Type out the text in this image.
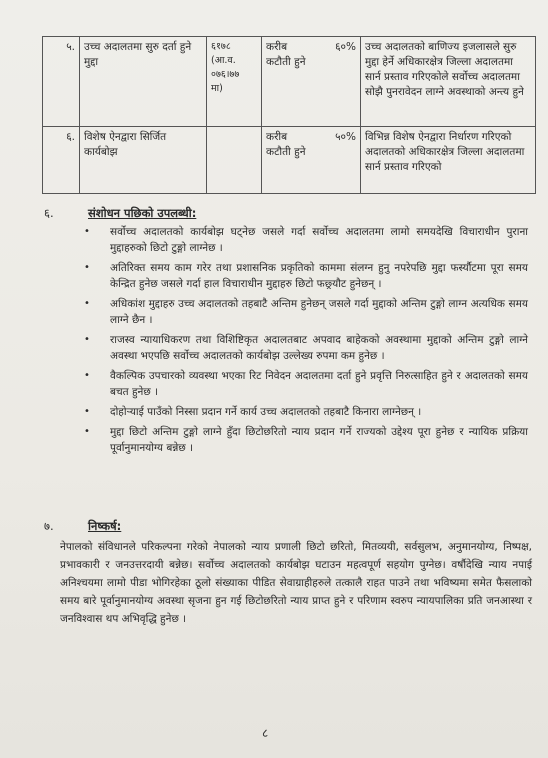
५.	उच्च अदालतमा सुरु दर्ता हुने मुद्दा	६१७८
(आ.व.
०७६।७७
मा)	करीब ६०%
कटौती हुने	उच्च अदालतको बाणिज्य इजलासले सुरु मुद्दा हेर्ने अधिकारक्षेत्र जिल्ला अदालतमा सार्न प्रस्ताव गरिएकोले सर्वोच्च अदालतमा सोझै पुनरावेदन लाग्ने अवस्थाको अन्त्य हुने
६.	विशेष ऐनद्वारा सिर्जित कार्यबोझ		करीब ५०%
कटौती हुने	विभिन्न विशेष ऐनद्वारा निर्धारण गरिएको अदालतको अधिकारक्षेत्र जिल्ला अदालतमा सार्न प्रस्ताव गरिएको
६.	संशोधन पछिको उपलब्धी:
• सर्वोच्च अदालतको कार्यबोझ घट्नेछ जसले गर्दा सर्वोच्च अदालतमा लामो समयदेखि विचाराधीन पुराना मुद्दाहरुको छिटो टुङ्गो लाग्नेछ ।
• अतिरिक्त समय काम गरेर तथा प्रशासनिक प्रकृतिको काममा संलग्न हुनु नपरेपछि मुद्दा फर्स्यौटमा पूरा समय केन्द्रित हुनेछ जसले गर्दा हाल विचाराधीन मुद्दाहरु छिटो फछ्र्यौट हुनेछन् ।
• अधिकांश मुद्दाहरु उच्च अदालतको तहबाटै अन्तिम हुनेछन् जसले गर्दा मुद्दाको अन्तिम टुङ्गो लाग्न अत्यधिक समय लाग्ने छैन ।
• राजस्व न्यायाधिकरण तथा विशिष्टिकृत अदालतबाट अपवाद बाहेकको अवस्थामा मुद्दाको अन्तिम टुङ्गो लाग्ने अवस्था भएपछि सर्वोच्च अदालतको कार्यबोझ उल्लेख्य रुपमा कम हुनेछ ।
• वैकल्पिक उपचारको व्यवस्था भएका रिट निवेदन अदालतमा दर्ता हुने प्रवृत्ति निरुत्साहित हुने र अदालतको समय बचत हुनेछ ।
• दोहोऱ्याई पाउँको निस्सा प्रदान गर्ने कार्य उच्च अदालतको तहबाटै किनारा लाग्नेछन् ।
• मुद्दा छिटो अन्तिम टुङ्गो लाग्ने हुँदा छिटोछरितो न्याय प्रदान गर्ने राज्यको उद्देश्य पूरा हुनेछ र न्यायिक प्रक्रिया पूर्वानुमानयोग्य बन्नेछ ।
७.	निष्कर्ष:
नेपालको संविधानले परिकल्पना गरेको नेपालको न्याय प्रणाली छिटो छरितो, मितव्ययी, सर्वसुलभ, अनुमानयोग्य, निष्पक्ष, प्रभावकारी र जनउत्तरदायी बन्नेछ। सर्वोच्च अदालतको कार्यबोझ घटाउन महत्वपूर्ण सहयोग पुग्नेछ। वर्षौदेखि न्याय नपाई अनिश्चयमा लामो पीडा भोगिरहेका ठूलो संख्याका पीडित सेवाग्राहीहरुले तत्कालै राहत पाउने तथा भविष्यमा समेत फैसलाको समय बारे पूर्वानुमानयोग्य अवस्था सृजना हुन गई छिटोछरितो न्याय प्राप्त हुने र परिणाम स्वरुप न्यायपालिका प्रति जनआस्था र जनविश्वास थप अभिवृद्धि हुनेछ ।
८
